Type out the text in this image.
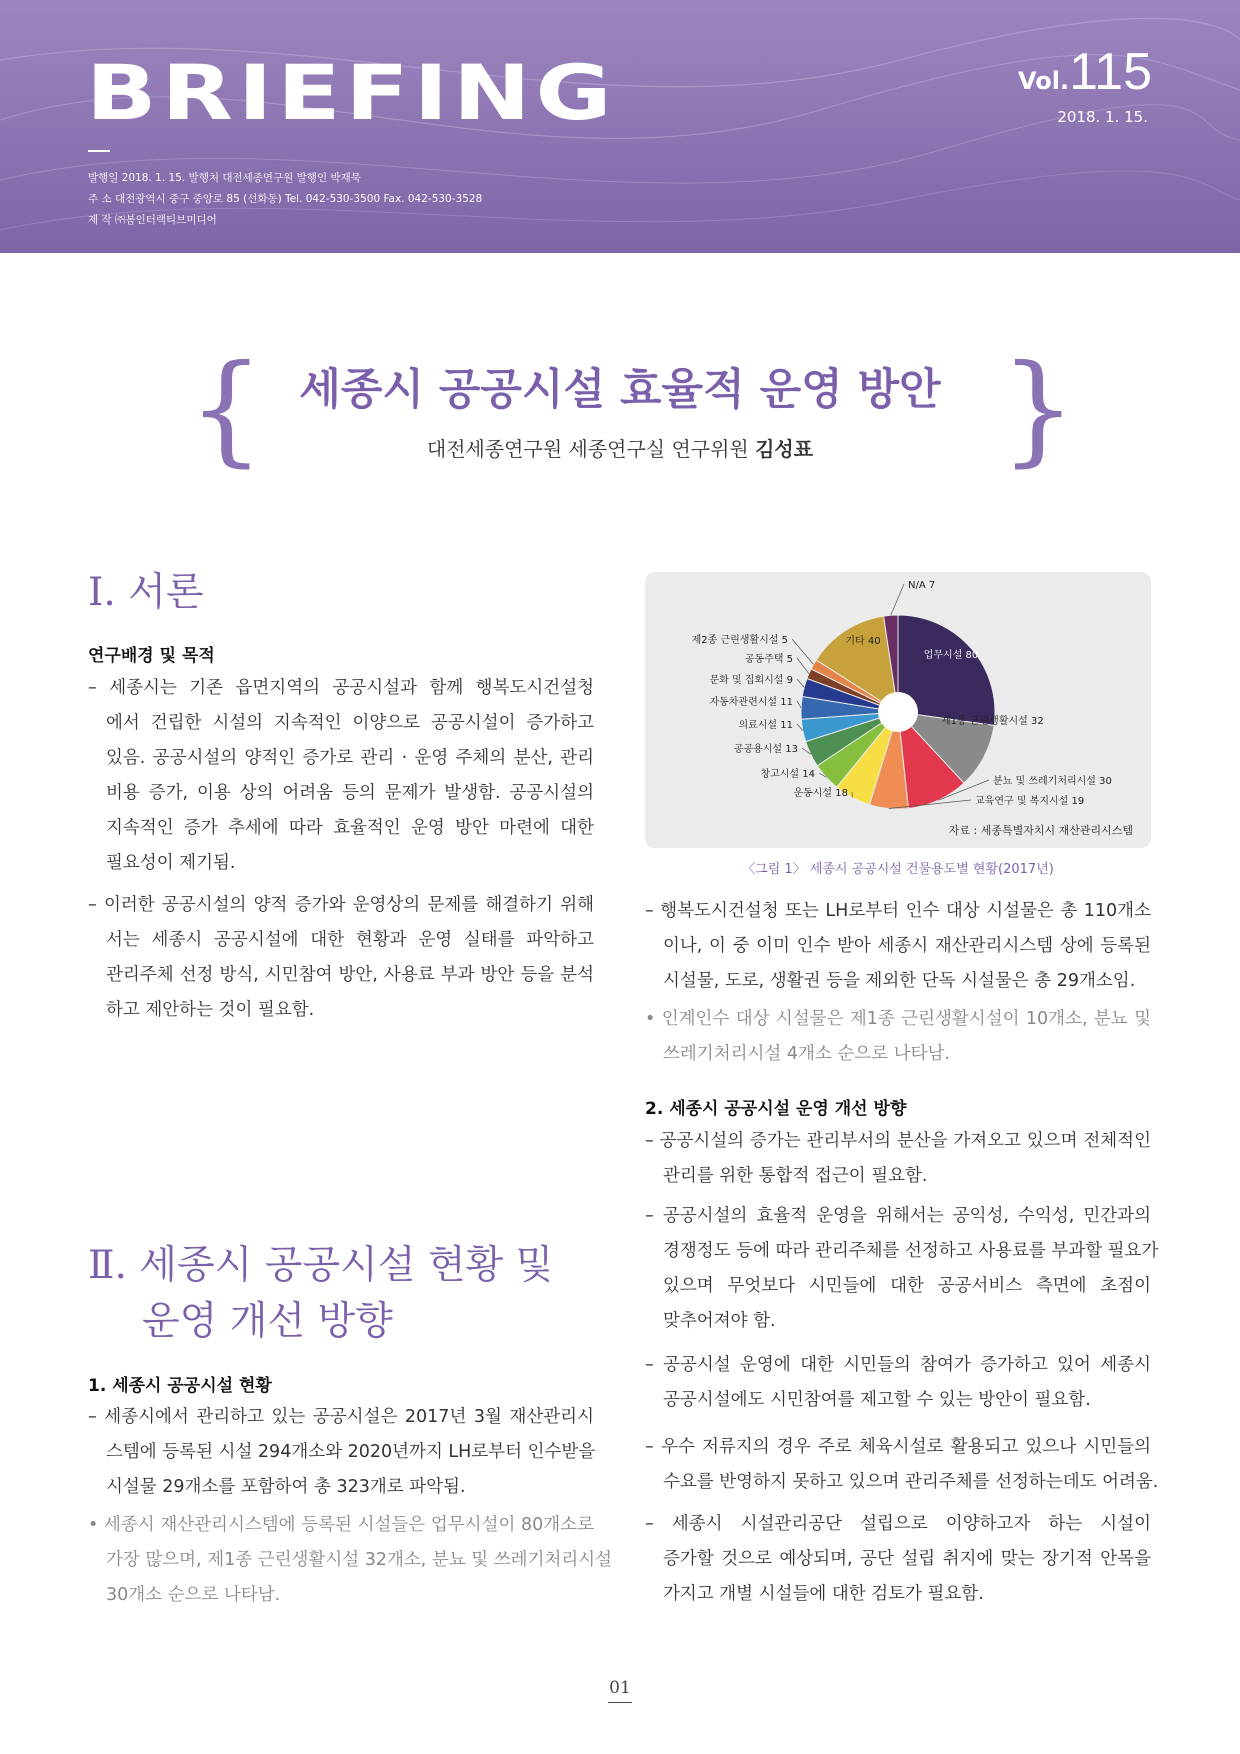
BRIEFING	Vol.115
2018. 1. 15.
발행일 2018. 1. 15. 발행처 대전세종연구원 발행인 박재묵
주 소 대전광역시 중구 중앙로 85 (선화동) Tel. 042-530-3500 Fax. 042-530-3528
제 작 ㈜봄인터랙티브미디어
{	}
세종시 공공시설 효율적 운영 방안
대전세종연구원 세종연구실 연구위원 김성표
Ⅰ. 서론
연구배경 및 목적
– 세종시는 기존 읍면지역의 공공시설과 함께 행복도시건설청
에서 건립한 시설의 지속적인 이양으로 공공시설이 증가하고
있음. 공공시설의 양적인 증가로 관리 · 운영 주체의 분산, 관리
비용 증가, 이용 상의 어려움 등의 문제가 발생함. 공공시설의
지속적인 증가 추세에 따라 효율적인 운영 방안 마련에 대한
필요성이 제기됨.
– 이러한 공공시설의 양적 증가와 운영상의 문제를 해결하기 위해
서는 세종시 공공시설에 대한 현황과 운영 실태를 파악하고
관리주체 선정 방식, 시민참여 방안, 사용료 부과 방안 등을 분석
하고 제안하는 것이 필요함.
Ⅱ. 세종시 공공시설 현황 및
운영 개선 방향
1. 세종시 공공시설 현황
– 세종시에서 관리하고 있는 공공시설은 2017년 3월 재산관리시
스템에 등록된 시설 294개소와 2020년까지 LH로부터 인수받을
시설물 29개소를 포함하여 총 323개로 파악됨.
• 세종시 재산관리시스템에 등록된 시설들은 업무시설이 80개소로
가장 많으며, 제1종 근린생활시설 32개소, 분뇨 및 쓰레기처리시설
30개소 순으로 나타남.
업무시설 80
제1종 근린생활시설 32
분뇨 및 쓰레기처리시설 30
교육연구 및 복지시설 19
운동시설 18
창고시설 14
공공용시설 13
의료시설 11
자동차관련시설 11
문화 및 집회시설 9
공동주택 5
제2종 근린생활시설 5	기타 40
N/A 7
자료 : 세종특별자치시 재산관리시스템
〈그림 1〉 세종시 공공시설 건물용도별 현황(2017년)
– 행복도시건설청 또는 LH로부터 인수 대상 시설물은 총 110개소
이나, 이 중 이미 인수 받아 세종시 재산관리시스템 상에 등록된
시설물, 도로, 생활권 등을 제외한 단독 시설물은 총 29개소임.
• 인계인수 대상 시설물은 제1종 근린생활시설이 10개소, 분뇨 및
쓰레기처리시설 4개소 순으로 나타남.
2. 세종시 공공시설 운영 개선 방향
– 공공시설의 증가는 관리부서의 분산을 가져오고 있으며 전체적인
관리를 위한 통합적 접근이 필요함.
– 공공시설의 효율적 운영을 위해서는 공익성, 수익성, 민간과의
경쟁정도 등에 따라 관리주체를 선정하고 사용료를 부과할 필요가
있으며 무엇보다 시민들에 대한 공공서비스 측면에 초점이
맞추어져야 함.
– 공공시설 운영에 대한 시민들의 참여가 증가하고 있어 세종시
공공시설에도 시민참여를 제고할 수 있는 방안이 필요함.
– 우수 저류지의 경우 주로 체육시설로 활용되고 있으나 시민들의
수요를 반영하지 못하고 있으며 관리주체를 선정하는데도 어려움.
– 세종시 시설관리공단 설립으로 이양하고자 하는 시설이
증가할 것으로 예상되며, 공단 설립 취지에 맞는 장기적 안목을
가지고 개별 시설들에 대한 검토가 필요함.
01
